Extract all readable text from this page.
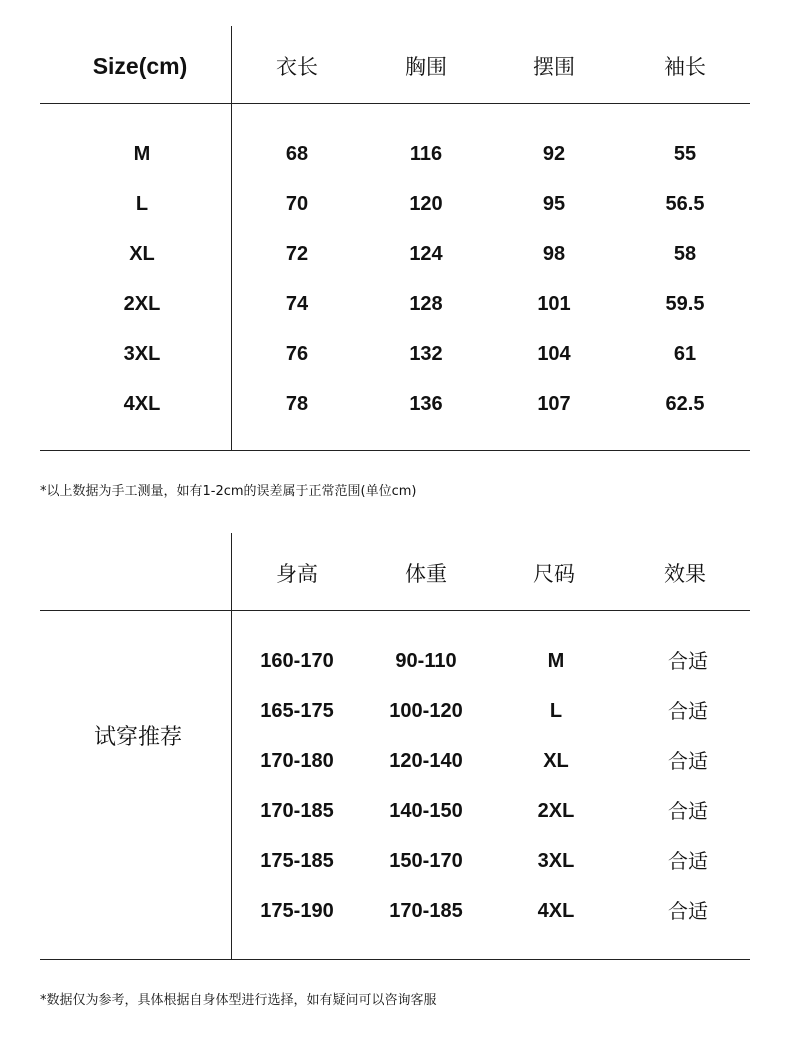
Size(cm)	衣长	胸围	摆围	袖长
M	68	116	92	55
L	70	120	95	56.5
XL	72	124	98	58
2XL	74	128	101	59.5
3XL	76	132	104	61
4XL	78	136	107	62.5
*以上数据为手工测量，如有1-2cm的误差属于正常范围(单位cm)
身高	体重	尺码	效果
试穿推荐
160-170	90-110	M	合适
165-175	100-120	L	合适
170-180	120-140	XL	合适
170-185	140-150	2XL	合适
175-185	150-170	3XL	合适
175-190	170-185	4XL	合适
*数据仅为参考，具体根据自身体型进行选择，如有疑问可以咨询客服
